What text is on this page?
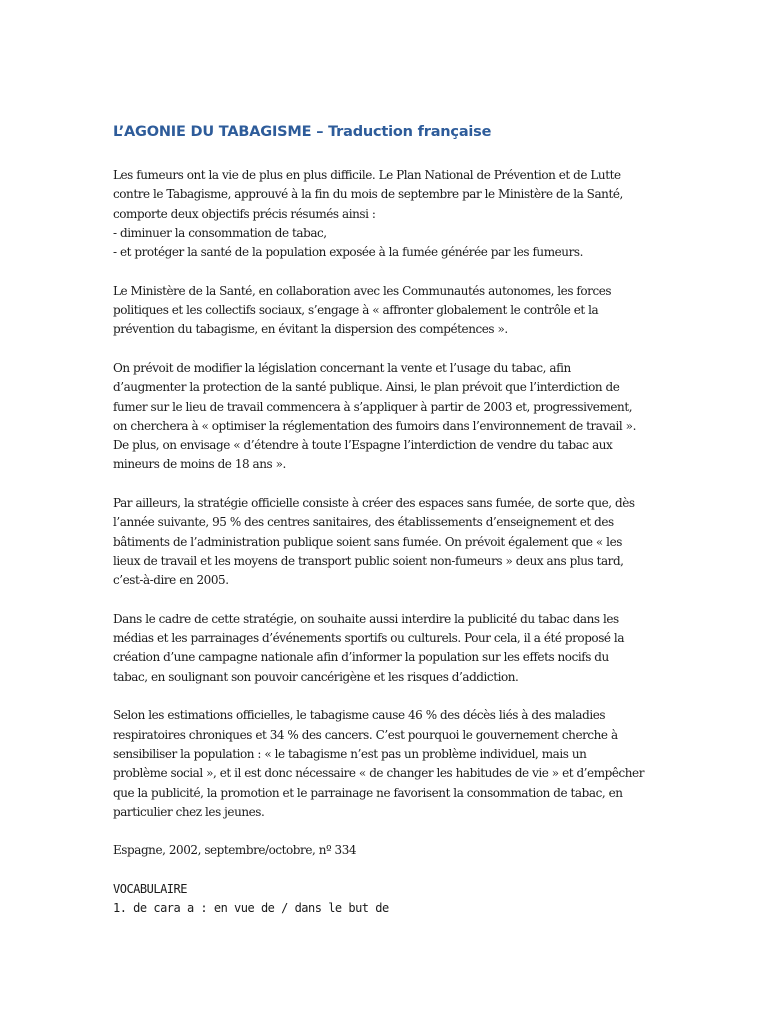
L’AGONIE DU TABAGISME – Traduction française

Les fumeurs ont la vie de plus en plus difficile. Le Plan National de Prévention et de Lutte
contre le Tabagisme, approuvé à la fin du mois de septembre par le Ministère de la Santé,
comporte deux objectifs précis résumés ainsi :
- diminuer la consommation de tabac,
- et protéger la santé de la population exposée à la fumée générée par les fumeurs.

Le Ministère de la Santé, en collaboration avec les Communautés autonomes, les forces
politiques et les collectifs sociaux, s’engage à « affronter globalement le contrôle et la
prévention du tabagisme, en évitant la dispersion des compétences ».

On prévoit de modifier la législation concernant la vente et l’usage du tabac, afin
d’augmenter la protection de la santé publique. Ainsi, le plan prévoit que l’interdiction de
fumer sur le lieu de travail commencera à s’appliquer à partir de 2003 et, progressivement,
on cherchera à « optimiser la réglementation des fumoirs dans l’environnement de travail ».
De plus, on envisage « d’étendre à toute l’Espagne l’interdiction de vendre du tabac aux
mineurs de moins de 18 ans ».

Par ailleurs, la stratégie officielle consiste à créer des espaces sans fumée, de sorte que, dès
l’année suivante, 95 % des centres sanitaires, des établissements d’enseignement et des
bâtiments de l’administration publique soient sans fumée. On prévoit également que « les
lieux de travail et les moyens de transport public soient non-fumeurs » deux ans plus tard,
c’est-à-dire en 2005.

Dans le cadre de cette stratégie, on souhaite aussi interdire la publicité du tabac dans les
médias et les parrainages d’événements sportifs ou culturels. Pour cela, il a été proposé la
création d’une campagne nationale afin d’informer la population sur les effets nocifs du
tabac, en soulignant son pouvoir cancérigène et les risques d’addiction.

Selon les estimations officielles, le tabagisme cause 46 % des décès liés à des maladies
respiratoires chroniques et 34 % des cancers. C’est pourquoi le gouvernement cherche à
sensibiliser la population : « le tabagisme n’est pas un problème individuel, mais un
problème social », et il est donc nécessaire « de changer les habitudes de vie » et d’empêcher
que la publicité, la promotion et le parrainage ne favorisent la consommation de tabac, en
particulier chez les jeunes.

Espagne, 2002, septembre/octobre, nº 334

VOCABULAIRE

1. de cara a : en vue de / dans le but de
